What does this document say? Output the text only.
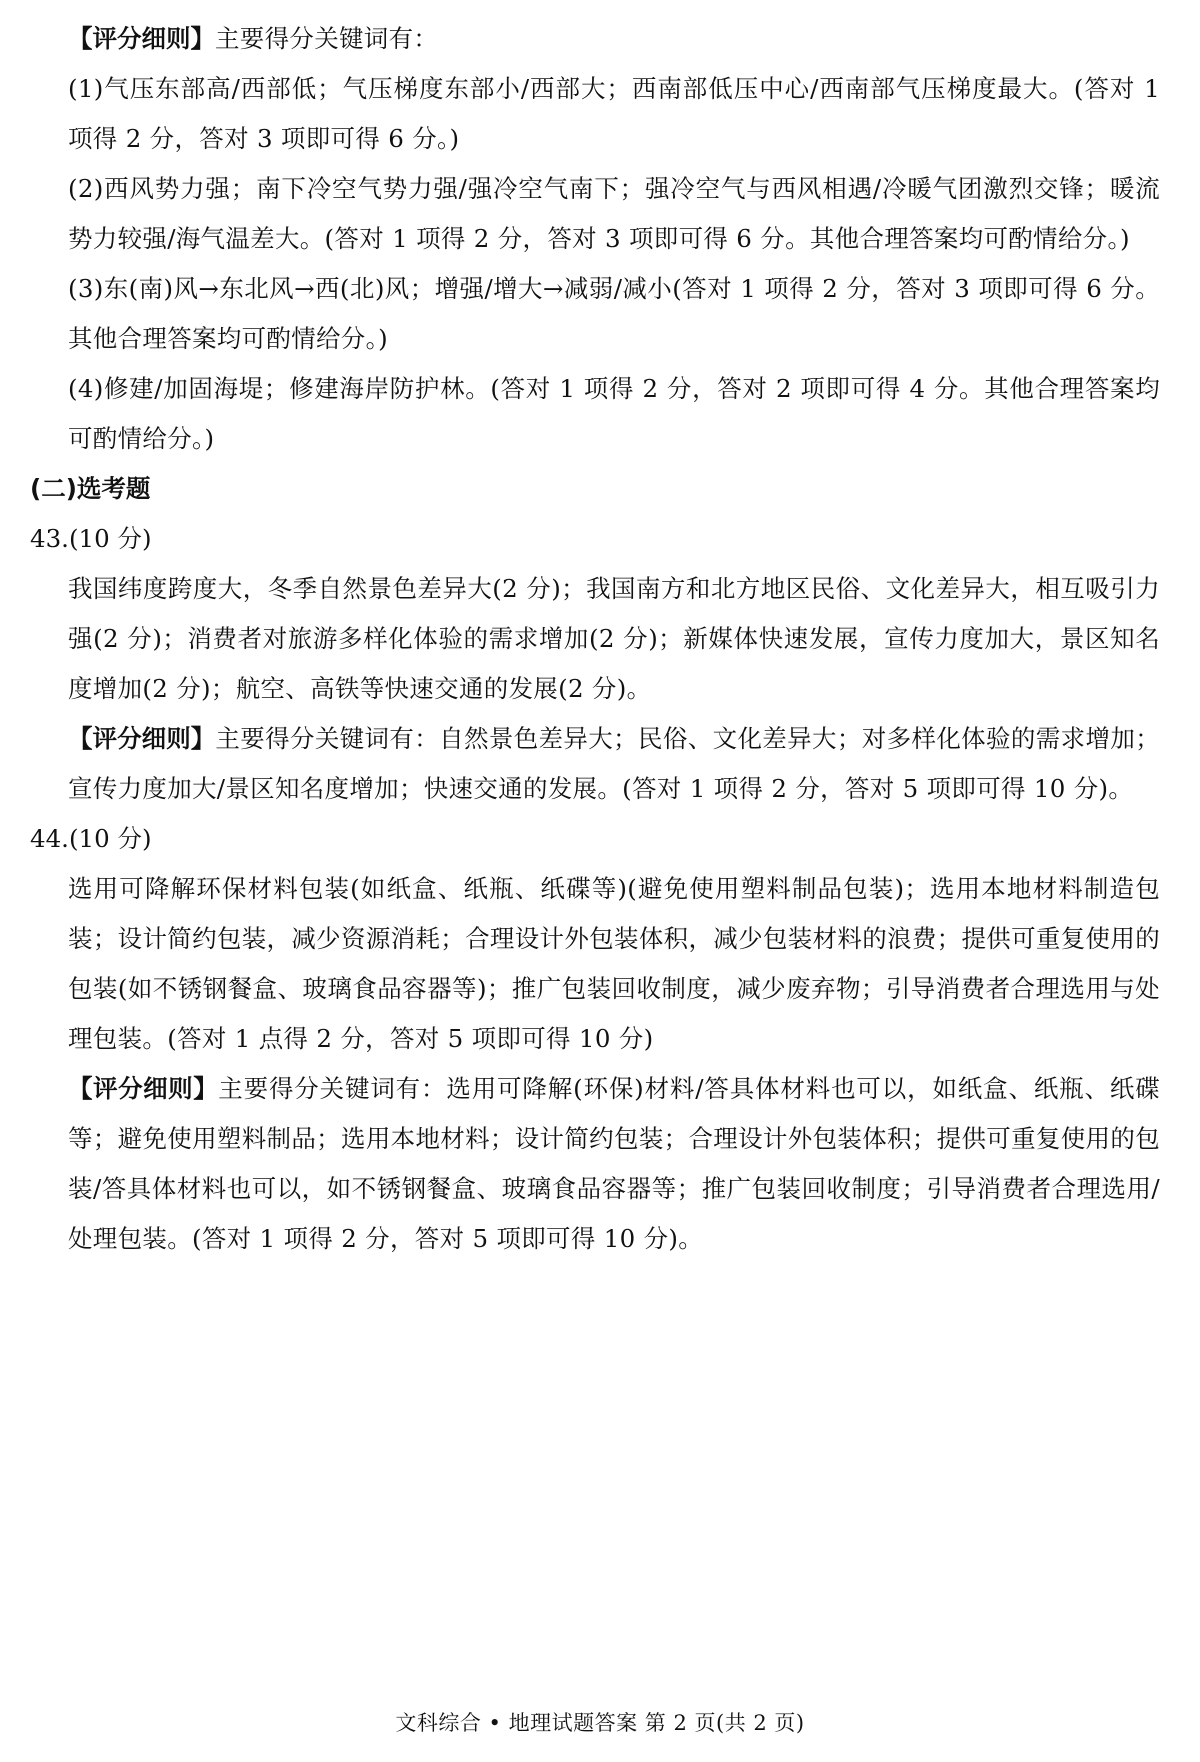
【评分细则】主要得分关键词有：

(1)气压东部高/西部低；气压梯度东部小/西部大；西南部低压中心/西南部气压梯度最大。(答对 1 项得 2 分，答对 3 项即可得 6 分。)

(2)西风势力强；南下冷空气势力强/强冷空气南下；强冷空气与西风相遇/冷暖气团激烈交锋；暖流势力较强/海气温差大。(答对 1 项得 2 分，答对 3 项即可得 6 分。其他合理答案均可酌情给分。)

(3)东(南)风→东北风→西(北)风；增强/增大→减弱/减小(答对 1 项得 2 分，答对 3 项即可得 6 分。其他合理答案均可酌情给分。)

(4)修建/加固海堤；修建海岸防护林。(答对 1 项得 2 分，答对 2 项即可得 4 分。其他合理答案均可酌情给分。)

(二)选考题

43.(10 分)

我国纬度跨度大，冬季自然景色差异大(2 分)；我国南方和北方地区民俗、文化差异大，相互吸引力强(2 分)；消费者对旅游多样化体验的需求增加(2 分)；新媒体快速发展，宣传力度加大，景区知名度增加(2 分)；航空、高铁等快速交通的发展(2 分)。

【评分细则】主要得分关键词有：自然景色差异大；民俗、文化差异大；对多样化体验的需求增加；宣传力度加大/景区知名度增加；快速交通的发展。(答对 1 项得 2 分，答对 5 项即可得 10 分)。

44.(10 分)

选用可降解环保材料包装(如纸盒、纸瓶、纸碟等)(避免使用塑料制品包装)；选用本地材料制造包装；设计简约包装，减少资源消耗；合理设计外包装体积，减少包装材料的浪费；提供可重复使用的包装(如不锈钢餐盒、玻璃食品容器等)；推广包装回收制度，减少废弃物；引导消费者合理选用与处理包装。(答对 1 点得 2 分，答对 5 项即可得 10 分)

【评分细则】主要得分关键词有：选用可降解(环保)材料/答具体材料也可以，如纸盒、纸瓶、纸碟等；避免使用塑料制品；选用本地材料；设计简约包装；合理设计外包装体积；提供可重复使用的包装/答具体材料也可以，如不锈钢餐盒、玻璃食品容器等；推广包装回收制度；引导消费者合理选用/处理包装。(答对 1 项得 2 分，答对 5 项即可得 10 分)。

文科综合 • 地理试题答案 第 2 页(共 2 页)
